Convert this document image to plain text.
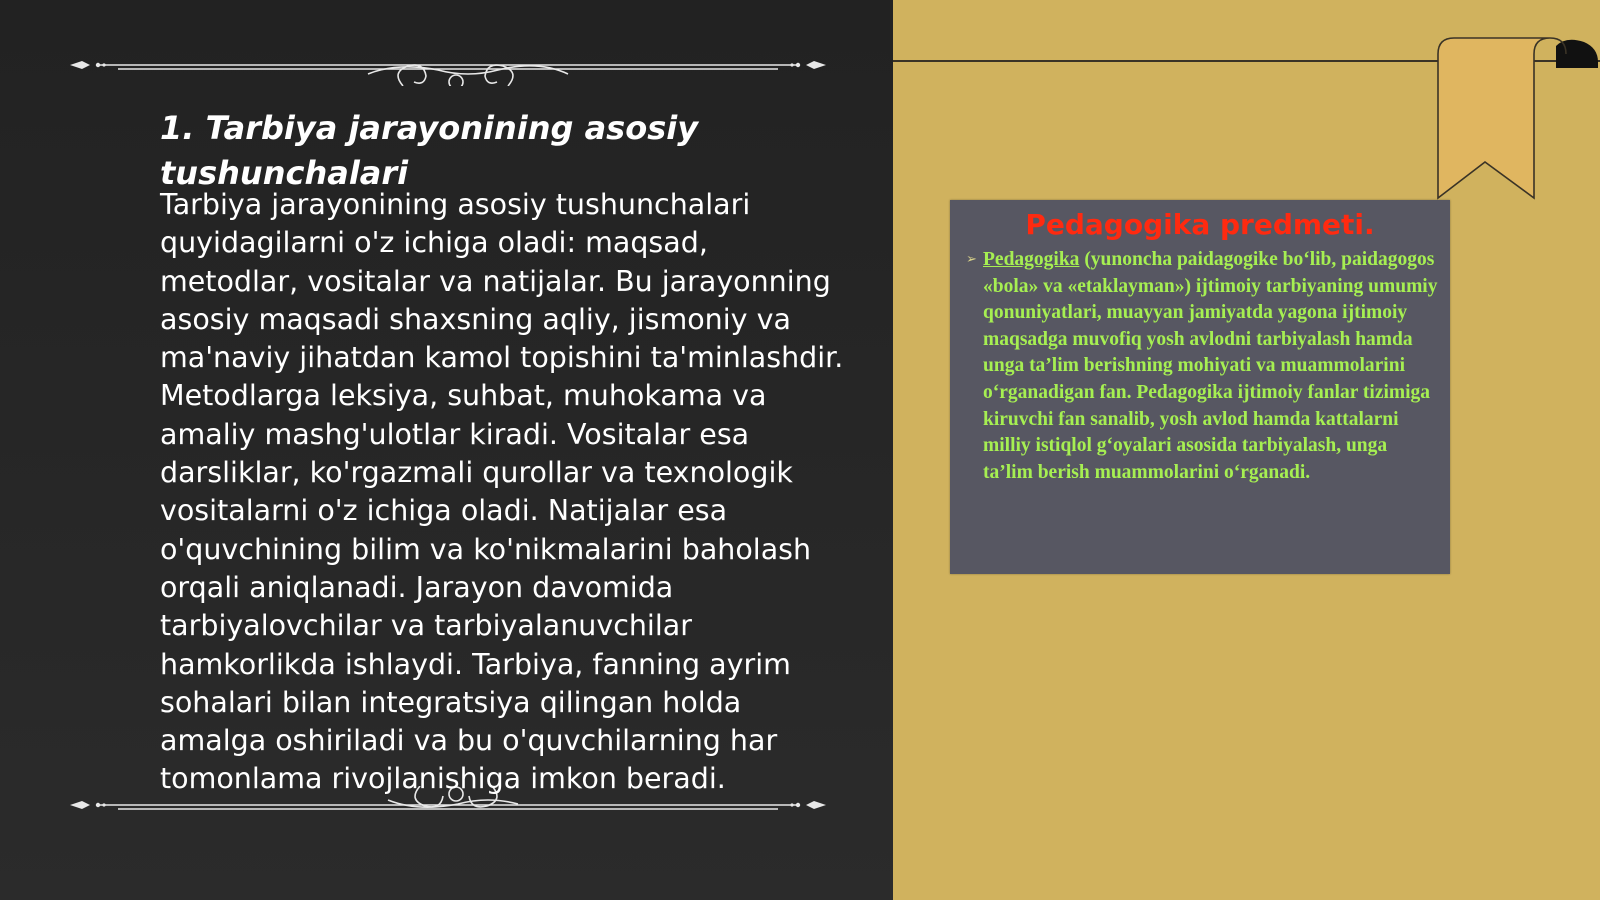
1. Tarbiya jarayonining asosiy tushunchalari

Tarbiya jarayonining asosiy tushunchalari quyidagilarni o'z ichiga oladi: maqsad, metodlar, vositalar va natijalar. Bu jarayonning asosiy maqsadi shaxsning aqliy, jismoniy va ma'naviy jihatdan kamol topishini ta'minlashdir. Metodlarga leksiya, suhbat, muhokama va amaliy mashg'ulotlar kiradi. Vositalar esa darsliklar, ko'rgazmali qurollar va texnologik vositalarni o'z ichiga oladi. Natijalar esa o'quvchining bilim va ko'nikmalarini baholash orqali aniqlanadi. Jarayon davomida tarbiyalovchilar va tarbiyalanuvchilar hamkorlikda ishlaydi. Tarbiya, fanning ayrim sohalari bilan integratsiya qilingan holda amalga oshiriladi va bu o'quvchilarning har tomonlama rivojlanishiga imkon beradi.

Pedagogika predmeti.
➢ Pedagogika (yunoncha paidagogike bo‘lib, paidagogos «bola» va «etaklayman») ijtimoiy tarbiyaning umumiy qonuniyatlari, muayyan jamiyatda yagona ijtimoiy maqsadga muvofiq yosh avlodni tarbiyalash hamda unga ta’lim berishning mohiyati va muammolarini o‘rganadigan fan. Pedagogika ijtimoiy fanlar tizimiga kiruvchi fan sanalib, yosh avlod hamda kattalarni milliy istiqlol g‘oyalari asosida tarbiyalash, unga ta’lim berish muammolarini o‘rganadi.
